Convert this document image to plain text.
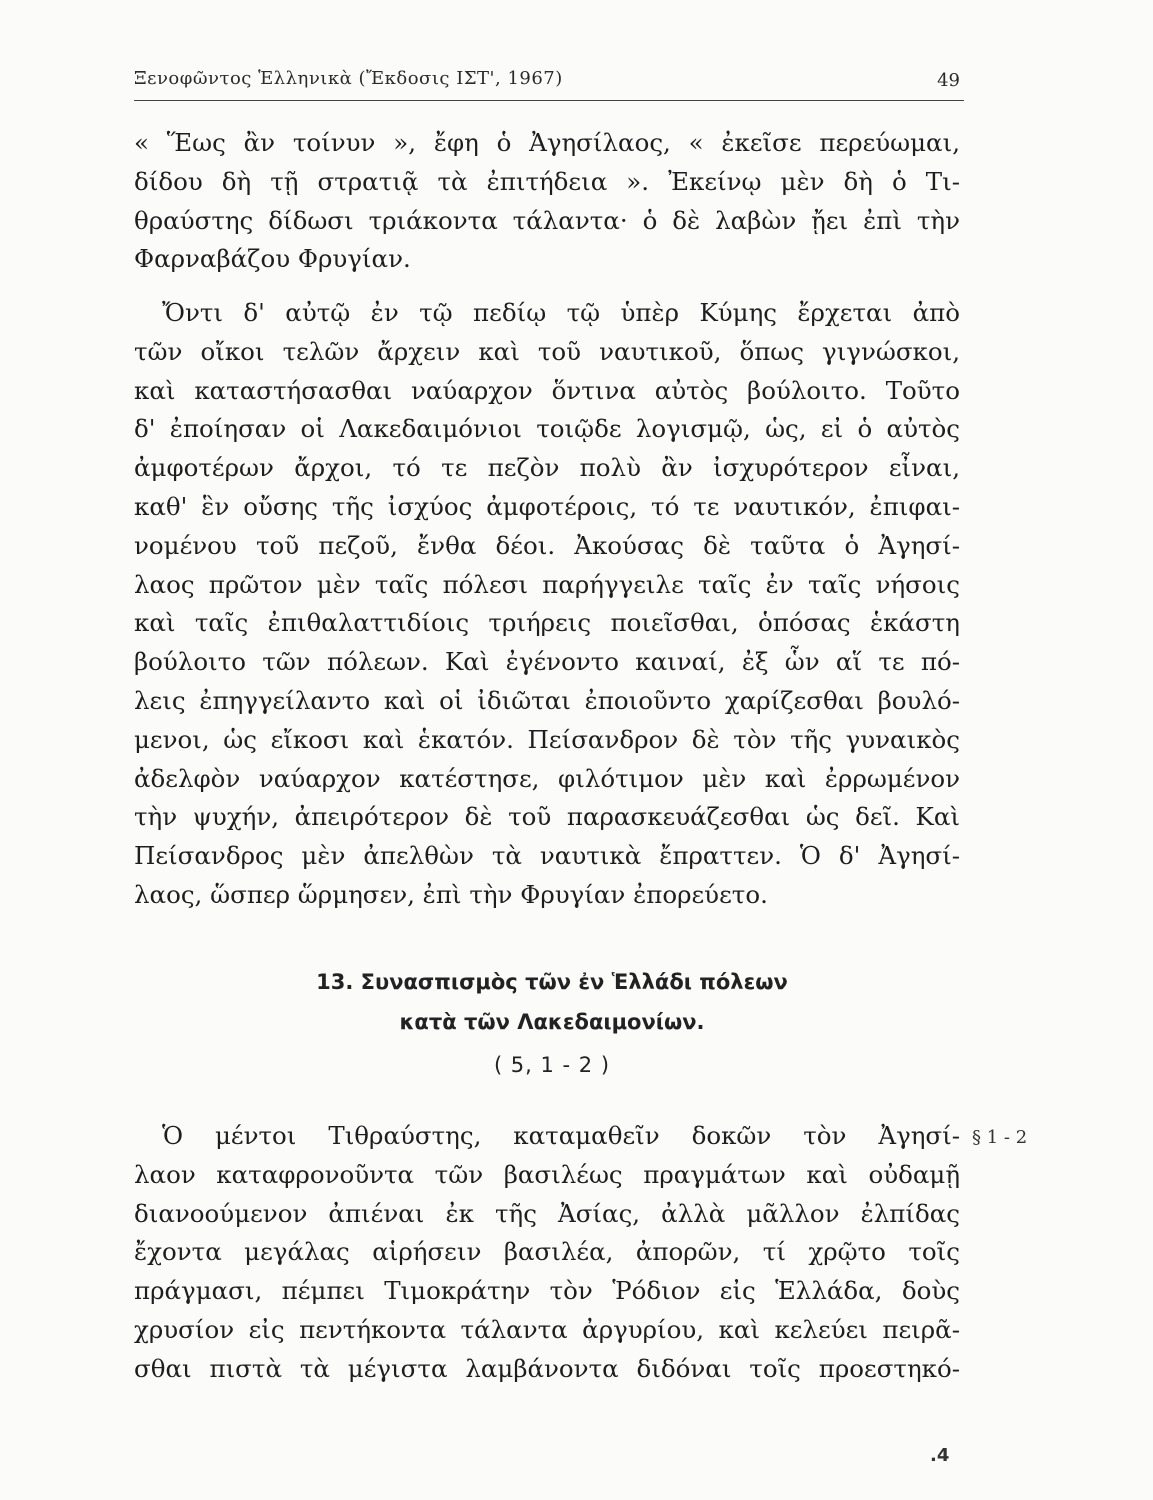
Ξενοφῶντος Ἑλληνικὰ (Ἔκδοσις ΙΣΤ', 1967)	49
« Ἕως ἂν τοίνυν », ἔφη ὁ Ἀγησίλαος, « ἐκεῖσε περεύωμαι,
δίδου δὴ τῇ στρατιᾷ τὰ ἐπιτήδεια ». Ἐκείνῳ μὲν δὴ ὁ Τι-
θραύστης δίδωσι τριάκοντα τάλαντα· ὁ δὲ λαβὼν ᾔει ἐπὶ τὴν
Φαρναβάζου Φρυγίαν.
Ὄντι δ' αὐτῷ ἐν τῷ πεδίῳ τῷ ὑπὲρ Κύμης ἔρχεται ἀπὸ
τῶν οἴκοι τελῶν ἄρχειν καὶ τοῦ ναυτικοῦ, ὅπως γιγνώσκοι,
καὶ καταστήσασθαι ναύαρχον ὅντινα αὐτὸς βούλοιτο. Τοῦτο
δ' ἐποίησαν οἱ Λακεδαιμόνιοι τοιῷδε λογισμῷ, ὡς, εἰ ὁ αὐτὸς
ἀμφοτέρων ἄρχοι, τό τε πεζὸν πολὺ ἂν ἰσχυρότερον εἶναι,
καθ' ἓν οὔσης τῆς ἰσχύος ἀμφοτέροις, τό τε ναυτικόν, ἐπιφαι-
νομένου τοῦ πεζοῦ, ἔνθα δέοι. Ἀκούσας δὲ ταῦτα ὁ Ἀγησί-
λαος πρῶτον μὲν ταῖς πόλεσι παρήγγειλε ταῖς ἐν ταῖς νήσοις
καὶ ταῖς ἐπιθαλαττιδίοις τριήρεις ποιεῖσθαι, ὁπόσας ἑκάστη
βούλοιτο τῶν πόλεων. Καὶ ἐγένοντο καιναί, ἐξ ὧν αἵ τε πό-
λεις ἐπηγγείλαντο καὶ οἱ ἰδιῶται ἐποιοῦντο χαρίζεσθαι βουλό-
μενοι, ὡς εἴκοσι καὶ ἑκατόν. Πείσανδρον δὲ τὸν τῆς γυναικὸς
ἀδελφὸν ναύαρχον κατέστησε, φιλότιμον μὲν καὶ ἐρρωμένον
τὴν ψυχήν, ἀπειρότερον δὲ τοῦ παρασκευάζεσθαι ὡς δεῖ. Καὶ
Πείσανδρος μὲν ἀπελθὼν τὰ ναυτικὰ ἔπραττεν. Ὁ δ' Ἀγησί-
λαος, ὥσπερ ὥρμησεν, ἐπὶ τὴν Φρυγίαν ἐπορεύετο.
13. Συνασπισμὸς τῶν ἐν Ἑλλάδι πόλεων
κατὰ τῶν Λακεδαιμονίων.
( 5, 1 - 2 )
§ 1 - 2
Ὁ μέντοι Τιθραύστης, καταμαθεῖν δοκῶν τὸν Ἀγησί-
λαον καταφρονοῦντα τῶν βασιλέως πραγμάτων καὶ οὐδαμῇ
διανοούμενον ἀπιέναι ἐκ τῆς Ἀσίας, ἀλλὰ μᾶλλον ἐλπίδας
ἔχοντα μεγάλας αἱρήσειν βασιλέα, ἀπορῶν, τί χρῷτο τοῖς
πράγμασι, πέμπει Τιμοκράτην τὸν Ῥόδιον εἰς Ἑλλάδα, δοὺς
χρυσίον εἰς πεντήκοντα τάλαντα ἀργυρίου, καὶ κελεύει πειρᾶ-
σθαι πιστὰ τὰ μέγιστα λαμβάνοντα διδόναι τοῖς προεστηκό-
.4
